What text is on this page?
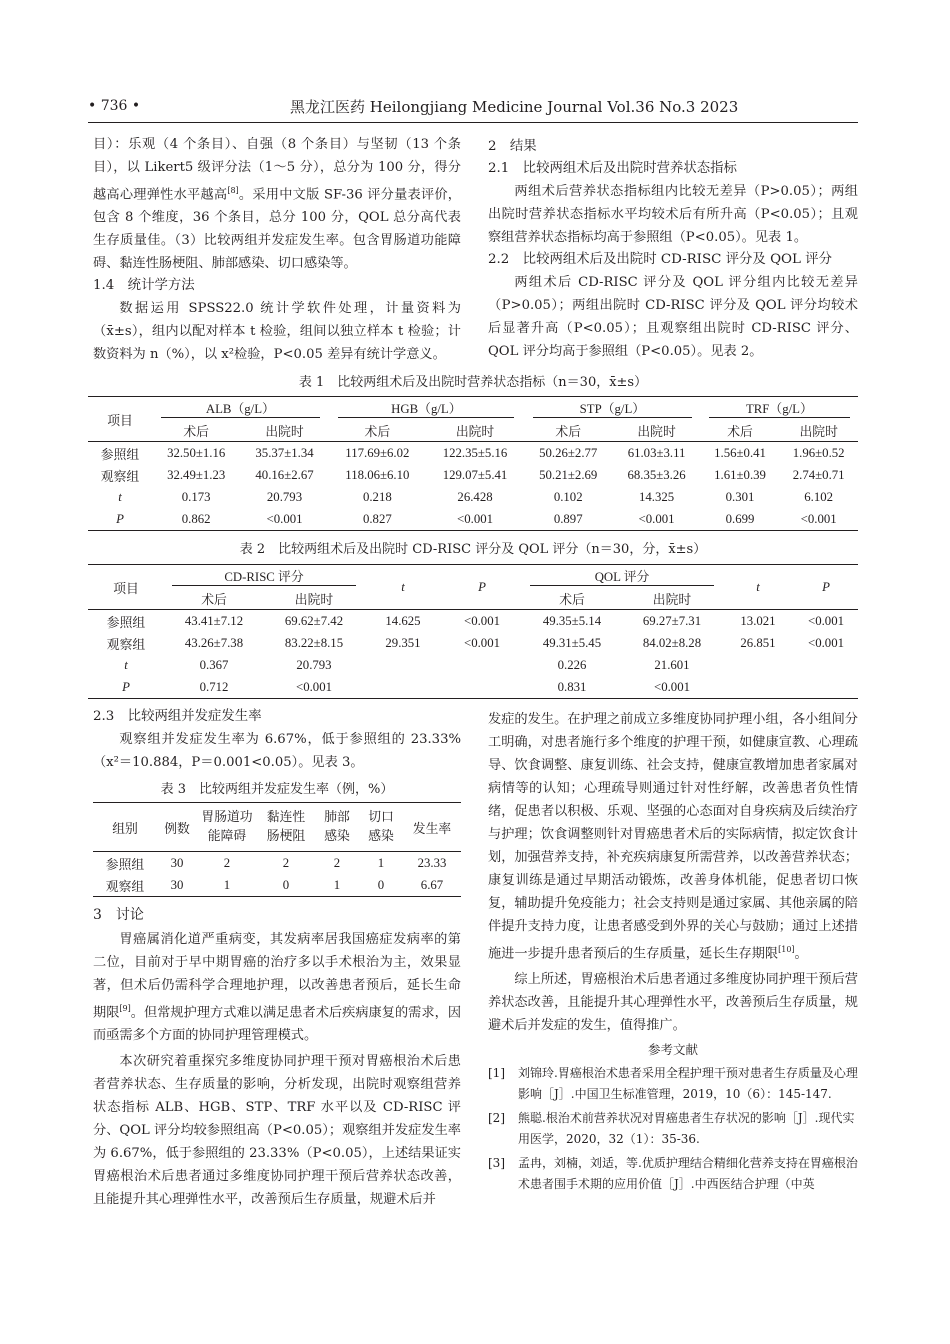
• 736 •	黑龙江医药 Heilongjiang Medicine Journal Vol.36 No.3 2023

目）：乐观（4 个条目）、自强（8 个条目）与坚韧（13 个条目），以 Likert5 级评分法（1～5 分），总分为 100 分，得分越高心理弹性水平越高[8]。采用中文版 SF-36 评分量表评价，包含 8 个维度，36 个条目，总分 100 分，QOL 总分高代表生存质量佳。（3）比较两组并发症发生率。包含胃肠道功能障碍、黏连性肠梗阻、肺部感染、切口感染等。

1.4　统计学方法

数据运用 SPSS22.0 统计学软件处理，计量资料为（x̄±s），组内以配对样本 t 检验，组间以独立样本 t 检验；计数资料为 n（%），以 x²检验，P<0.05 差异有统计学意义。

2　结果

2.1　比较两组术后及出院时营养状态指标

两组术后营养状态指标组内比较无差异（P>0.05）；两组出院时营养状态指标水平均较术后有所升高（P<0.05）；且观察组营养状态指标均高于参照组（P<0.05）。见表 1。

2.2　比较两组术后及出院时 CD-RISC 评分及 QOL 评分

两组术后 CD-RISC 评分及 QOL 评分组内比较无差异（P>0.05）；两组出院时 CD-RISC 评分及 QOL 评分均较术后显著升高（P<0.05）；且观察组出院时 CD-RISC 评分、QOL 评分均高于参照组（P<0.05）。见表 2。

表 1　比较两组术后及出院时营养状态指标（n＝30，x̄±s）
项目	ALB（g/L）		HGB（g/L）		STP（g/L）		TRF（g/L）	
	术后	出院时	术后	出院时	术后	出院时	术后	出院时
参照组	32.50±1.16	35.37±1.34	117.69±6.02	122.35±5.16	50.26±2.77	61.03±3.11	1.56±0.41	1.96±0.52
观察组	32.49±1.23	40.16±2.67	118.06±6.10	129.07±5.41	50.21±2.69	68.35±3.26	1.61±0.39	2.74±0.71
t	0.173	20.793	0.218	26.428	0.102	14.325	0.301	6.102
P	0.862	<0.001	0.827	<0.001	0.897	<0.001	0.699	<0.001
表 2　比较两组术后及出院时 CD-RISC 评分及 QOL 评分（n＝30，分，x̄±s）
项目	CD-RISC 评分		t	P	QOL 评分		t	P
	术后	出院时			术后	出院时		
参照组	43.41±7.12	69.62±7.42	14.625	<0.001	49.35±5.14	69.27±7.31	13.021	<0.001
观察组	43.26±7.38	83.22±8.15	29.351	<0.001	49.31±5.45	84.02±8.28	26.851	<0.001
t	0.367	20.793			0.226	21.601		
P	0.712	<0.001			0.831	<0.001		

2.3　比较两组并发症发生率

观察组并发症发生率为 6.67%，低于参照组的 23.33%（x²＝10.884，P＝0.001<0.05）。见表 3。

表 3　比较两组并发症发生率（例，%）
组别	例数	胃肠道功能障碍	黏连性肠梗阻	肺部感染	切口感染	发生率
参照组	30	2	2	2	1	23.33
观察组	30	1	0	1	0	6.67

3　讨论

胃癌属消化道严重病变，其发病率居我国癌症发病率的第二位，目前对于早中期胃癌的治疗多以手术根治为主，效果显著，但术后仍需科学合理地护理，以改善患者预后，延长生命期限[9]。但常规护理方式难以满足患者术后疾病康复的需求，因而亟需多个方面的协同护理管理模式。

本次研究着重探究多维度协同护理干预对胃癌根治术后患者营养状态、生存质量的影响，分析发现，出院时观察组营养状态指标 ALB、HGB、STP、TRF 水平以及 CD-RISC 评分、QOL 评分均较参照组高（P<0.05）；观察组并发症发生率为 6.67%，低于参照组的 23.33%（P<0.05），上述结果证实胃癌根治术后患者通过多维度协同护理干预后营养状态改善，且能提升其心理弹性水平，改善预后生存质量，规避术后并

发症的发生。在护理之前成立多维度协同护理小组，各小组间分工明确，对患者施行多个维度的护理干预，如健康宣教、心理疏导、饮食调整、康复训练、社会支持，健康宣教增加患者家属对病情等的认知；心理疏导则通过针对性纾解，改善患者负性情绪，促患者以积极、乐观、坚强的心态面对自身疾病及后续治疗与护理；饮食调整则针对胃癌患者术后的实际病情，拟定饮食计划，加强营养支持，补充疾病康复所需营养，以改善营养状态；康复训练是通过早期活动锻炼，改善身体机能，促患者切口恢复，辅助提升免疫能力；社会支持则是通过家属、其他亲属的陪伴提升支持力度，让患者感受到外界的关心与鼓励；通过上述措施进一步提升患者预后的生存质量，延长生存期限[10]。

综上所述，胃癌根治术后患者通过多维度协同护理干预后营养状态改善，且能提升其心理弹性水平，改善预后生存质量，规避术后并发症的发生，值得推广。

参考文献

[1]	刘锦玲.胃癌根治术患者采用全程护理干预对患者生存质量及心理影响［J］.中国卫生标准管理，2019，10（6）：145-147.

[2]	熊聪.根治术前营养状况对胃癌患者生存状况的影响［J］.现代实用医学，2020，32（1）：35-36.

[3]	孟冉，刘楠，刘适，等.优质护理结合精细化营养支持在胃癌根治术患者围手术期的应用价值［J］.中西医结合护理（中英
